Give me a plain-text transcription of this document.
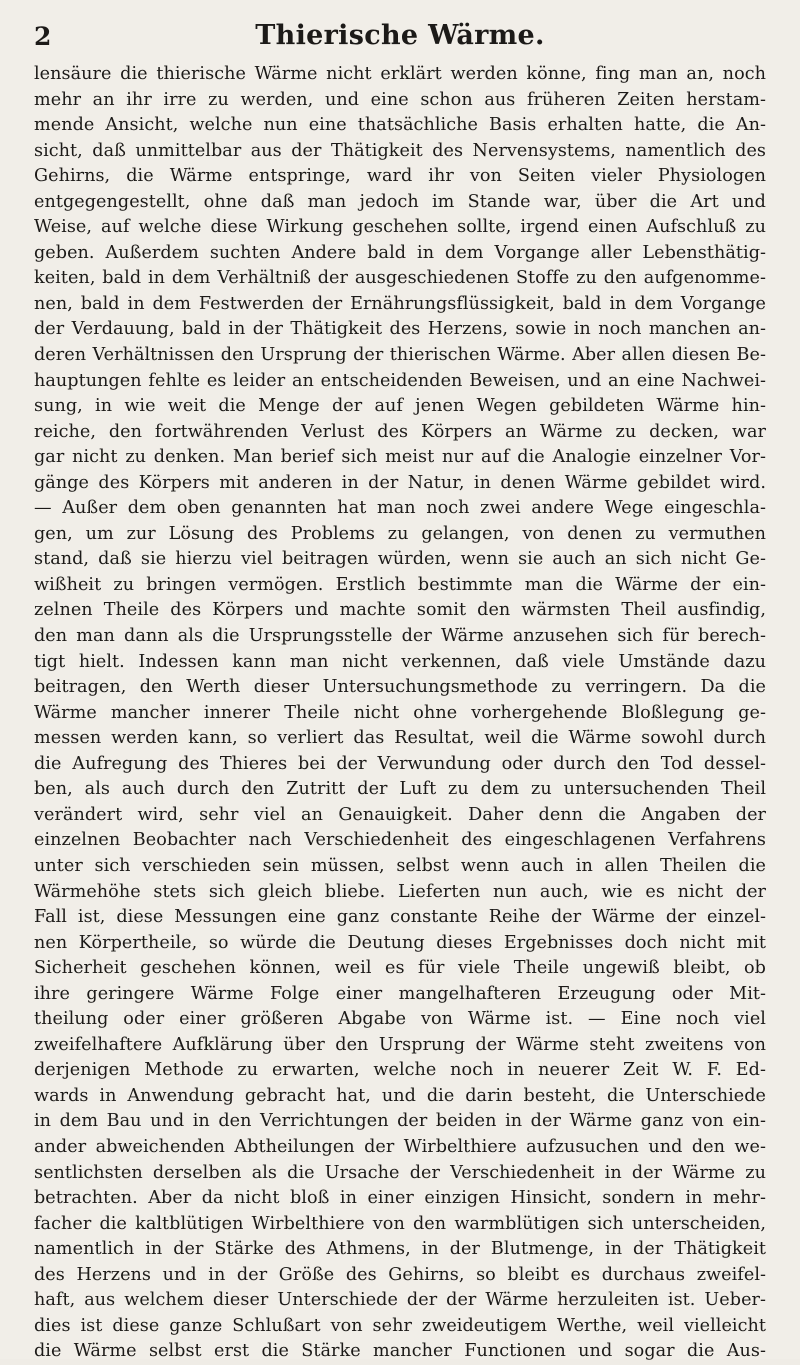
2	Thierische Wärme.
lensäure die thierische Wärme nicht erklärt werden könne, fing man an, noch
mehr an ihr irre zu werden, und eine schon aus früheren Zeiten herstam-
mende Ansicht, welche nun eine thatsächliche Basis erhalten hatte, die An-
sicht, daß unmittelbar aus der Thätigkeit des Nervensystems, namentlich des
Gehirns, die Wärme entspringe, ward ihr von Seiten vieler Physiologen
entgegengestellt, ohne daß man jedoch im Stande war, über die Art und
Weise, auf welche diese Wirkung geschehen sollte, irgend einen Aufschluß zu
geben. Außerdem suchten Andere bald in dem Vorgange aller Lebensthätig-
keiten, bald in dem Verhältniß der ausgeschiedenen Stoffe zu den aufgenomme-
nen, bald in dem Festwerden der Ernährungsflüssigkeit, bald in dem Vorgange
der Verdauung, bald in der Thätigkeit des Herzens, sowie in noch manchen an-
deren Verhältnissen den Ursprung der thierischen Wärme. Aber allen diesen Be-
hauptungen fehlte es leider an entscheidenden Beweisen, und an eine Nachwei-
sung, in wie weit die Menge der auf jenen Wegen gebildeten Wärme hin-
reiche, den fortwährenden Verlust des Körpers an Wärme zu decken, war
gar nicht zu denken. Man berief sich meist nur auf die Analogie einzelner Vor-
gänge des Körpers mit anderen in der Natur, in denen Wärme gebildet wird.
— Außer dem oben genannten hat man noch zwei andere Wege eingeschla-
gen, um zur Lösung des Problems zu gelangen, von denen zu vermuthen
stand, daß sie hierzu viel beitragen würden, wenn sie auch an sich nicht Ge-
wißheit zu bringen vermögen. Erstlich bestimmte man die Wärme der ein-
zelnen Theile des Körpers und machte somit den wärmsten Theil ausfindig,
den man dann als die Ursprungsstelle der Wärme anzusehen sich für berech-
tigt hielt. Indessen kann man nicht verkennen, daß viele Umstände dazu
beitragen, den Werth dieser Untersuchungsmethode zu verringern. Da die
Wärme mancher innerer Theile nicht ohne vorhergehende Bloßlegung ge-
messen werden kann, so verliert das Resultat, weil die Wärme sowohl durch
die Aufregung des Thieres bei der Verwundung oder durch den Tod dessel-
ben, als auch durch den Zutritt der Luft zu dem zu untersuchenden Theil
verändert wird, sehr viel an Genauigkeit. Daher denn die Angaben der
einzelnen Beobachter nach Verschiedenheit des eingeschlagenen Verfahrens
unter sich verschieden sein müssen, selbst wenn auch in allen Theilen die
Wärmehöhe stets sich gleich bliebe. Lieferten nun auch, wie es nicht der
Fall ist, diese Messungen eine ganz constante Reihe der Wärme der einzel-
nen Körpertheile, so würde die Deutung dieses Ergebnisses doch nicht mit
Sicherheit geschehen können, weil es für viele Theile ungewiß bleibt, ob
ihre geringere Wärme Folge einer mangelhafteren Erzeugung oder Mit-
theilung oder einer größeren Abgabe von Wärme ist. — Eine noch viel
zweifelhaftere Aufklärung über den Ursprung der Wärme steht zweitens von
derjenigen Methode zu erwarten, welche noch in neuerer Zeit W. F. Ed-
wards in Anwendung gebracht hat, und die darin besteht, die Unterschiede
in dem Bau und in den Verrichtungen der beiden in der Wärme ganz von ein-
ander abweichenden Abtheilungen der Wirbelthiere aufzusuchen und den we-
sentlichsten derselben als die Ursache der Verschiedenheit in der Wärme zu
betrachten. Aber da nicht bloß in einer einzigen Hinsicht, sondern in mehr-
facher die kaltblütigen Wirbelthiere von den warmblütigen sich unterscheiden,
namentlich in der Stärke des Athmens, in der Blutmenge, in der Thätigkeit
des Herzens und in der Größe des Gehirns, so bleibt es durchaus zweifel-
haft, aus welchem dieser Unterschiede der der Wärme herzuleiten ist. Ueber-
dies ist diese ganze Schlußart von sehr zweideutigem Werthe, weil vielleicht
die Wärme selbst erst die Stärke mancher Functionen und sogar die Aus-
